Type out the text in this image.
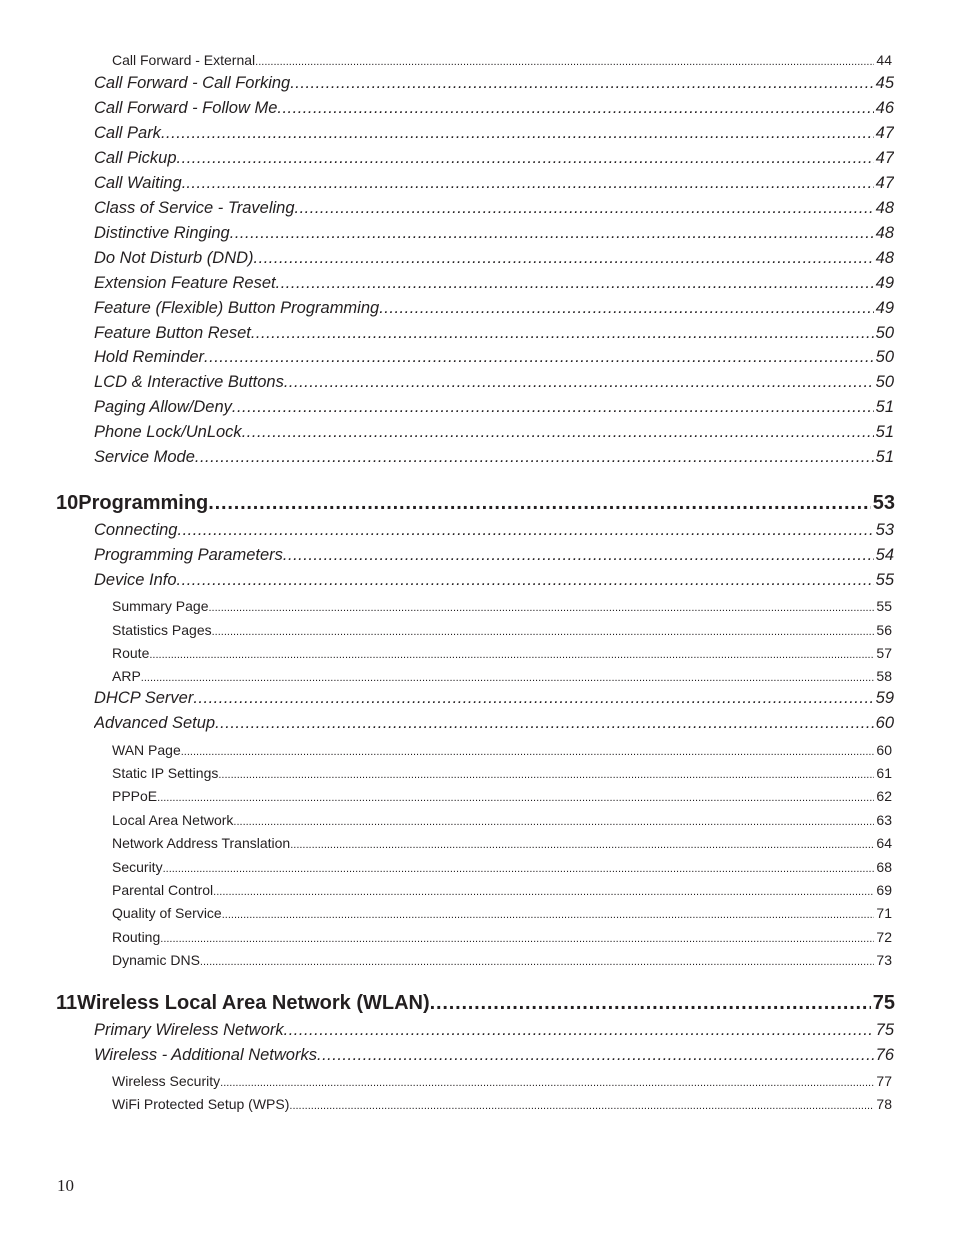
Call Forward - External .....	44
Call Forward - Call Forking .....	45
Call Forward - Follow Me .....	46
Call Park .....	47
Call Pickup .....	47
Call Waiting. .....	47
Class of Service - Traveling .....	48
Distinctive Ringing .....	48
Do Not Disturb (DND) .....	48
Extension Feature Reset .....	49
Feature (Flexible) Button Programming .....	49
Feature Button Reset .....	50
Hold Reminder .....	50
LCD & Interactive Buttons .....	50
Paging Allow/Deny .....	51
Phone Lock/UnLock .....	51
Service Mode .....	51
10 Programming .....	53
Connecting .....	53
Programming Parameters .....	54
Device Info .....	55
Summary Page .....	55
Statistics Pages .....	56
Route .....	57
ARP .....	58
DHCP Server .....	59
Advanced Setup .....	60
WAN Page .....	60
Static IP Settings .....	61
PPPoE .....	62
Local Area Network .....	63
Network Address Translation .....	64
Security .....	68
Parental Control .....	69
Quality of Service .....	71
Routing .....	72
Dynamic DNS .....	73
11 Wireless Local Area Network (WLAN) .....	75
Primary Wireless Network .....	75
Wireless - Additional Networks .....	76
Wireless Security .....	77
WiFi Protected Setup (WPS) .....	78
10
